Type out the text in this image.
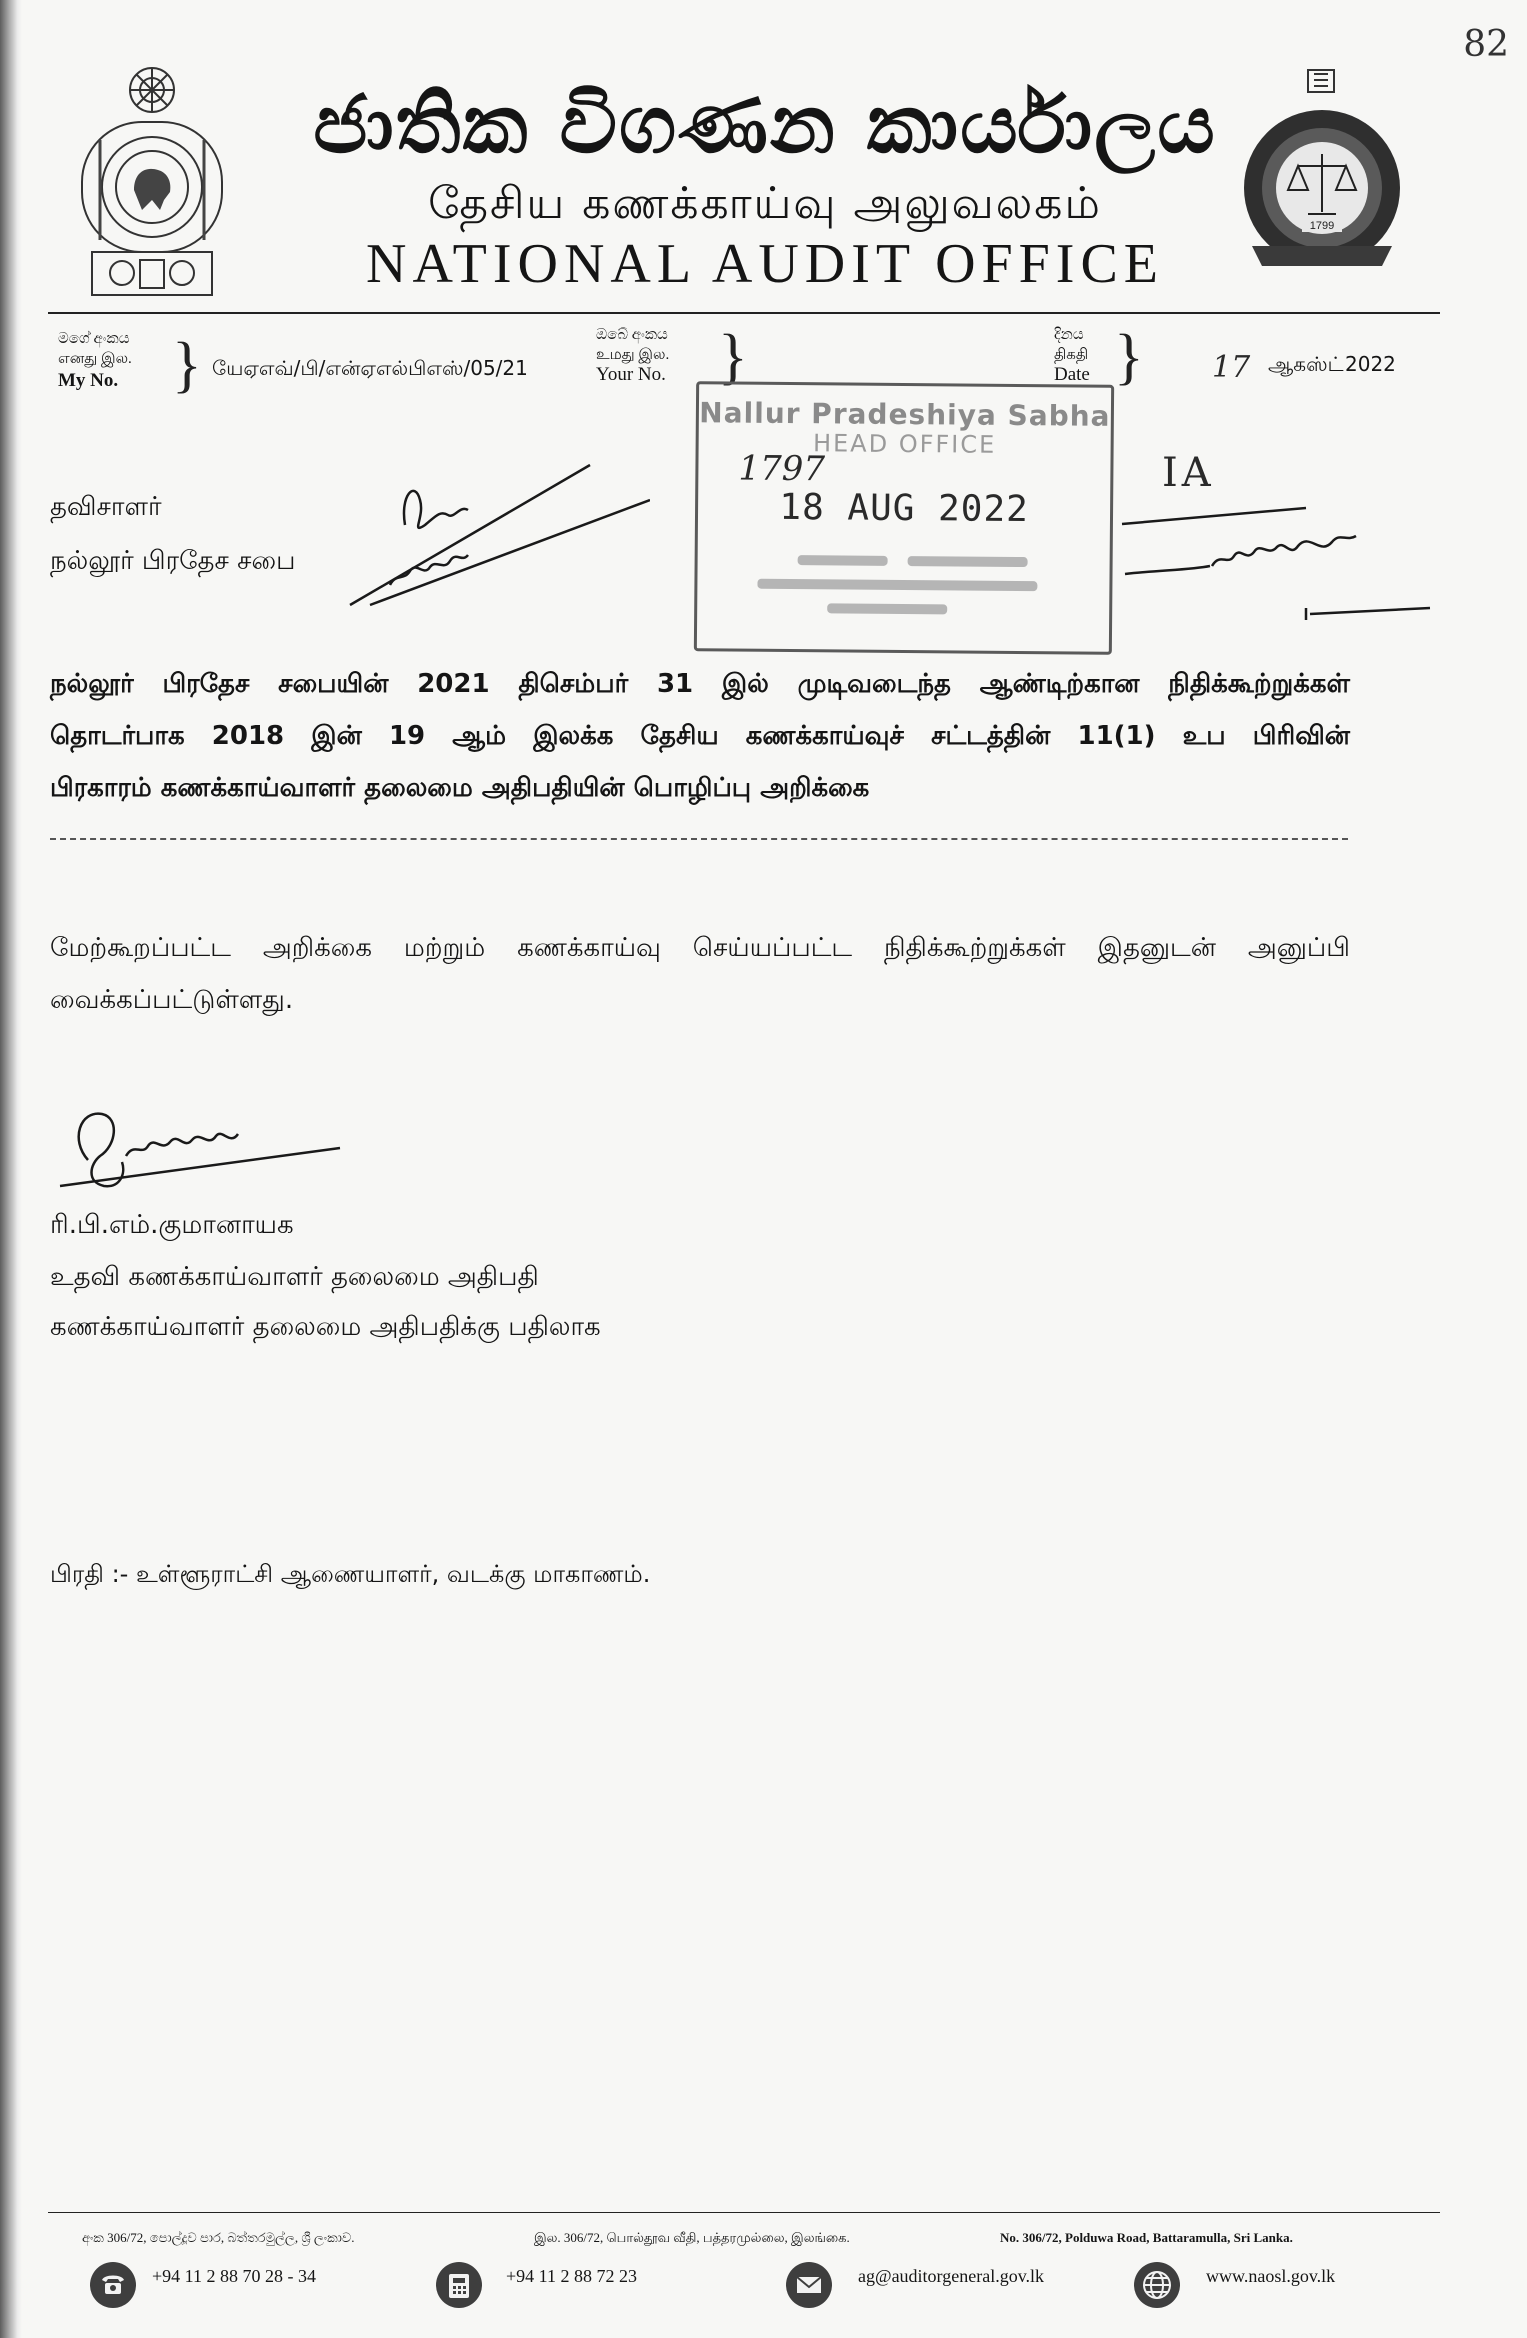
82
1799
ජාතික විගණන කාර්යාලය
தேசிய கணக்காய்வு அலுவலகம்
NATIONAL AUDIT OFFICE
මගේ අංකය
எனது இல.
My No. } யேஏஎவ்/பி/என்ஏஎல்பிஎஸ்/05/21
ඔබේ අංකය
உமது இல.
Your No. }	දිනය
திகதி
Date } 17 ஆகஸ்ட் 2022
Nallur Pradeshiya Sabha
HEAD OFFICE
1797
18 AUG 2022
தவிசாளர்
நல்லூர் பிரதேச சபை
IA
நல்லூர் பிரதேச சபையின் 2021 திசெம்பர் 31 இல் முடிவடைந்த ஆண்டிற்கான நிதிக்கூற்றுக்கள்
தொடர்பாக 2018 இன் 19 ஆம் இலக்க தேசிய கணக்காய்வுச் சட்டத்தின் 11(1) உப பிரிவின்
பிரகாரம் கணக்காய்வாளர் தலைமை அதிபதியின் பொழிப்பு அறிக்கை
மேற்கூறப்பட்ட அறிக்கை மற்றும் கணக்காய்வு செய்யப்பட்ட நிதிக்கூற்றுக்கள் இதனுடன் அனுப்பி
வைக்கப்பட்டுள்ளது.
ரி.பி.எம்.குமானாயக
உதவி கணக்காய்வாளர் தலைமை அதிபதி
கணக்காய்வாளர் தலைமை அதிபதிக்கு பதிலாக
பிரதி :- உள்ளூராட்சி ஆணையாளர், வடக்கு மாகாணம்.
අංක 306/72, පොල්දූව පාර, බත්තරමුල්ල, ශ්‍රී ලංකාව.	இல. 306/72, பொல்தூவ வீதி, பத்தரமுல்லை, இலங்கை.	No. 306/72, Polduwa Road, Battaramulla, Sri Lanka.
+94 11 2 88 70 28 - 34	+94 11 2 88 72 23	ag@auditorgeneral.gov.lk	www.naosl.gov.lk
